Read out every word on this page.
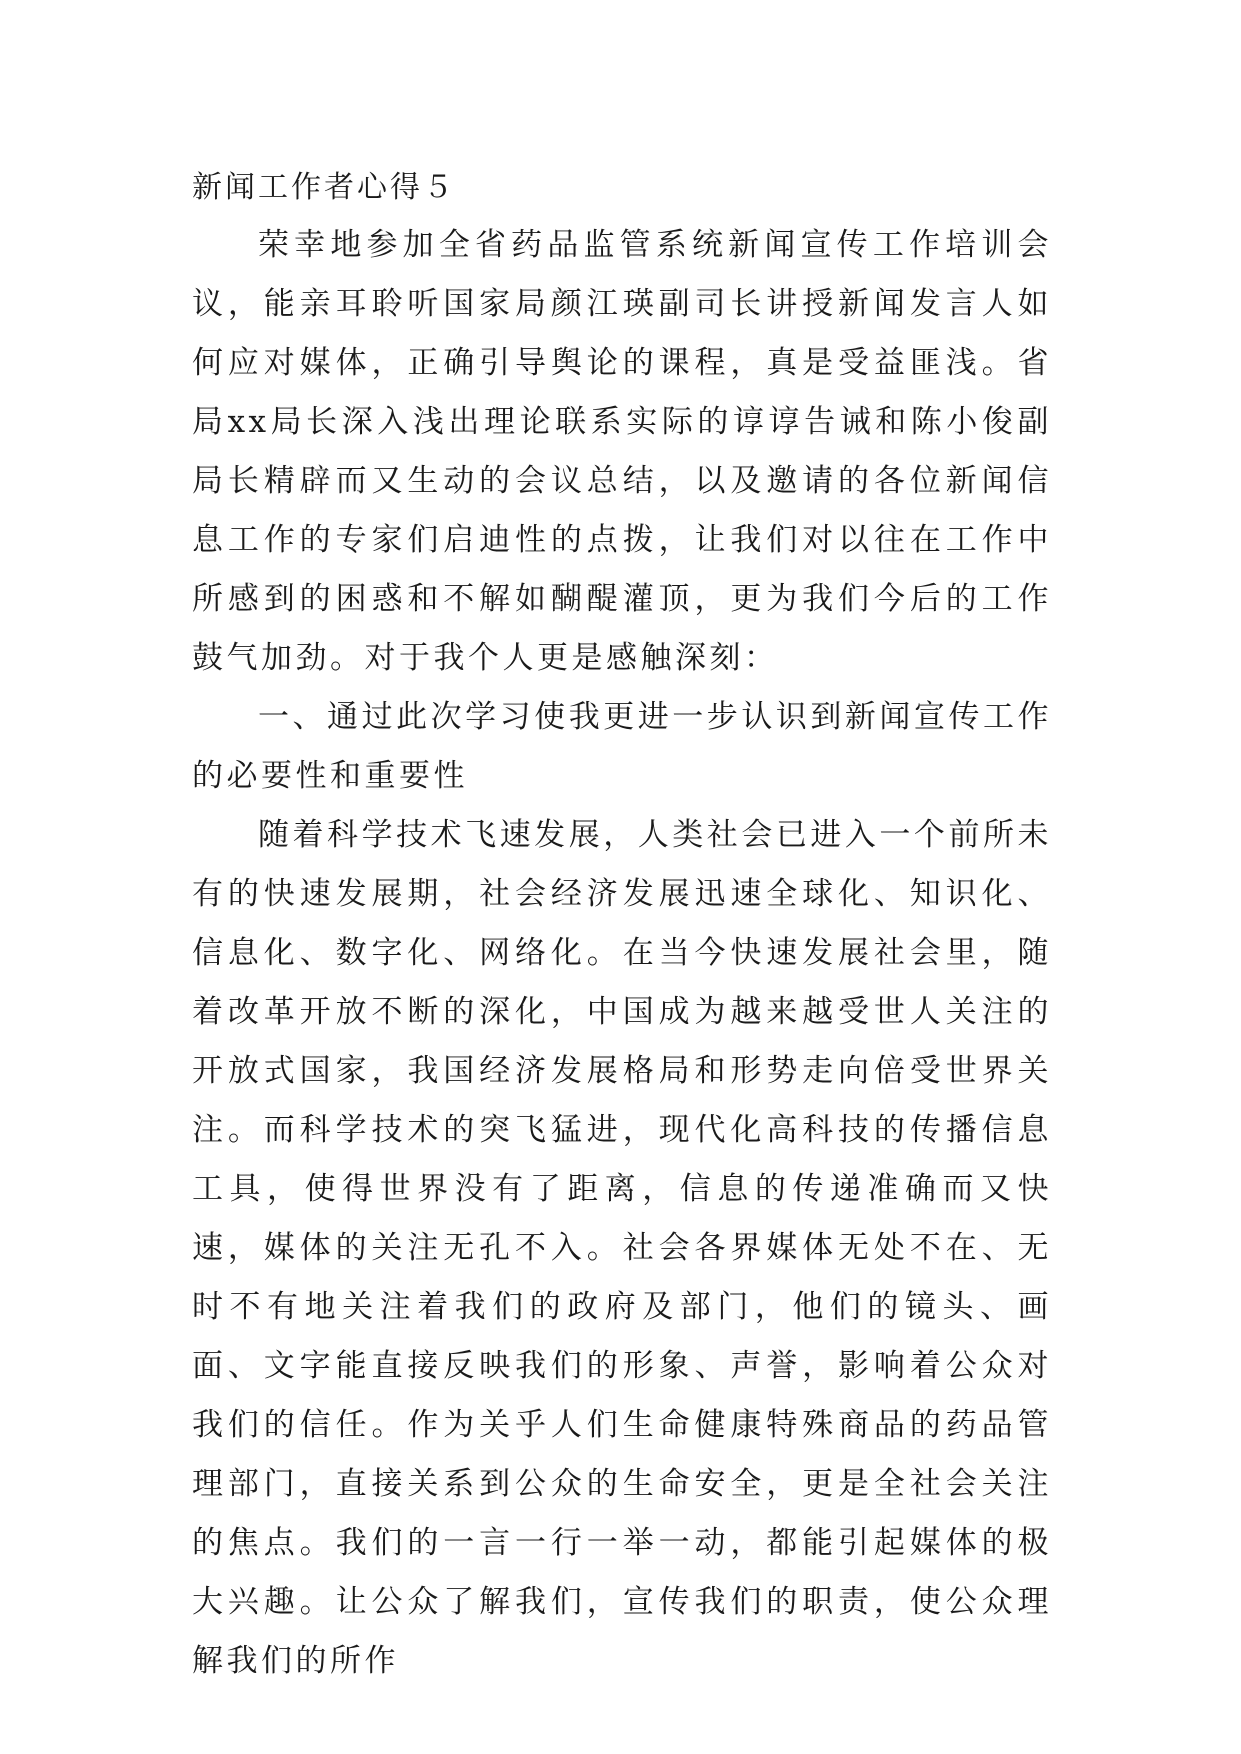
新闻工作者心得５

荣幸地参加全省药品监管系统新闻宣传工作培训会议，能亲耳聆听国家局颜江瑛副司长讲授新闻发言人如何应对媒体，正确引导舆论的课程，真是受益匪浅。省局xx局长深入浅出理论联系实际的谆谆告诫和陈小俊副局长精辟而又生动的会议总结，以及邀请的各位新闻信息工作的专家们启迪性的点拨，让我们对以往在工作中所感到的困惑和不解如醐醍灌顶，更为我们今后的工作鼓气加劲。对于我个人更是感触深刻：

一、通过此次学习使我更进一步认识到新闻宣传工作的必要性和重要性

随着科学技术飞速发展，人类社会已进入一个前所未有的快速发展期，社会经济发展迅速全球化、知识化、信息化、数字化、网络化。在当今快速发展社会里，随着改革开放不断的深化，中国成为越来越受世人关注的开放式国家，我国经济发展格局和形势走向倍受世界关注。而科学技术的突飞猛进，现代化高科技的传播信息工具，使得世界没有了距离，信息的传递准确而又快速，媒体的关注无孔不入。社会各界媒体无处不在、无时不有地关注着我们的政府及部门，他们的镜头、画面、文字能直接反映我们的形象、声誉，影响着公众对我们的信任。作为关乎人们生命健康特殊商品的药品管理部门，直接关系到公众的生命安全，更是全社会关注的焦点。我们的一言一行一举一动，都能引起媒体的极大兴趣。让公众了解我们，宣传我们的职责，使公众理解我们的所作
